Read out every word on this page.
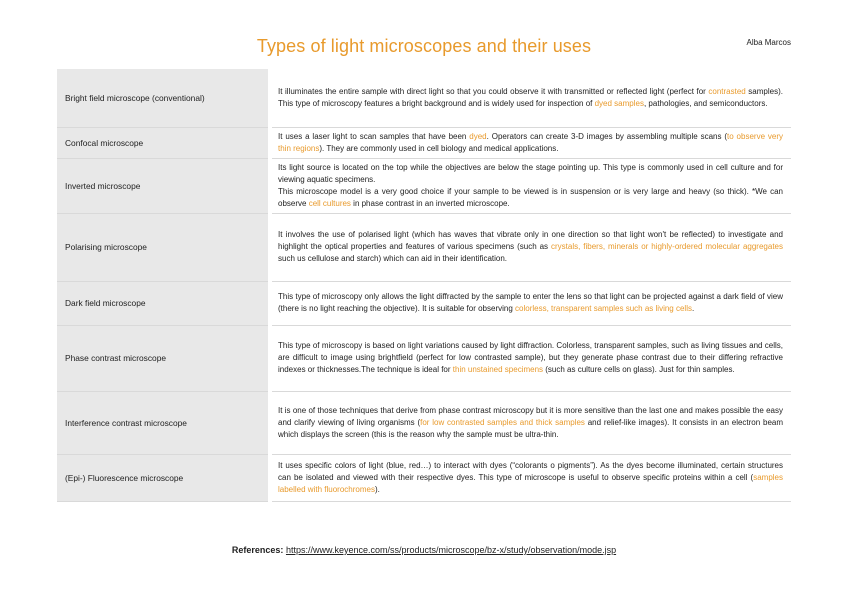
Types of light microscopes and their uses	Alba Marcos
Bright field microscope (conventional)	It illuminates the entire sample with direct light so that you could observe it with transmitted or reflected light (perfect for contrasted samples). This type of microscopy features a bright background and is widely used for inspection of dyed samples, pathologies, and semiconductors.
Confocal microscope	It uses a laser light to scan samples that have been dyed. Operators can create 3-D images by assembling multiple scans (to observe very thin regions). They are commonly used in cell biology and medical applications.
Inverted microscope	Its light source is located on the top while the objectives are below the stage pointing up. This type is commonly used in cell culture and for viewing aquatic specimens.
This microscope model is a very good choice if your sample to be viewed is in suspension or is very large and heavy (so thick). *We can observe cell cultures in phase contrast in an inverted microscope.
Polarising microscope	It involves the use of polarised light (which has waves that vibrate only in one direction so that light won't be reflected) to investigate and highlight the optical properties and features of various specimens (such as crystals, fibers, minerals or highly-ordered molecular aggregates such us cellulose and starch) which can aid in their identification.
Dark field microscope	This type of microscopy only allows the light diffracted by the sample to enter the lens so that light can be projected against a dark field of view (there is no light reaching the objective). It is suitable for observing colorless, transparent samples such as living cells.
Phase contrast microscope	This type of microscopy is based on light variations caused by light diffraction. Colorless, transparent samples, such as living tissues and cells, are difficult to image using brightfield (perfect for low contrasted sample), but they generate phase contrast due to their differing refractive indexes or thicknesses.The technique is ideal for thin unstained specimens (such as culture cells on glass). Just for thin samples.
Interference contrast microscope	It is one of those techniques that derive from phase contrast microscopy but it is more sensitive than the last one and makes possible the easy and clarify viewing of living organisms (for low contrasted samples and thick samples and relief-like images). It consists in an electron beam which displays the screen (this is the reason why the sample must be ultra-thin.
(Epi-) Fluorescence microscope	It uses specific colors of light (blue, red…) to interact with dyes (“colorants o pigments”). As the dyes become illuminated, certain structures can be isolated and viewed with their respective dyes. This type of microscope is useful to observe specific proteins within a cell (samples labelled with fluorochromes).
References: https://www.keyence.com/ss/products/microscope/bz-x/study/observation/mode.jsp
